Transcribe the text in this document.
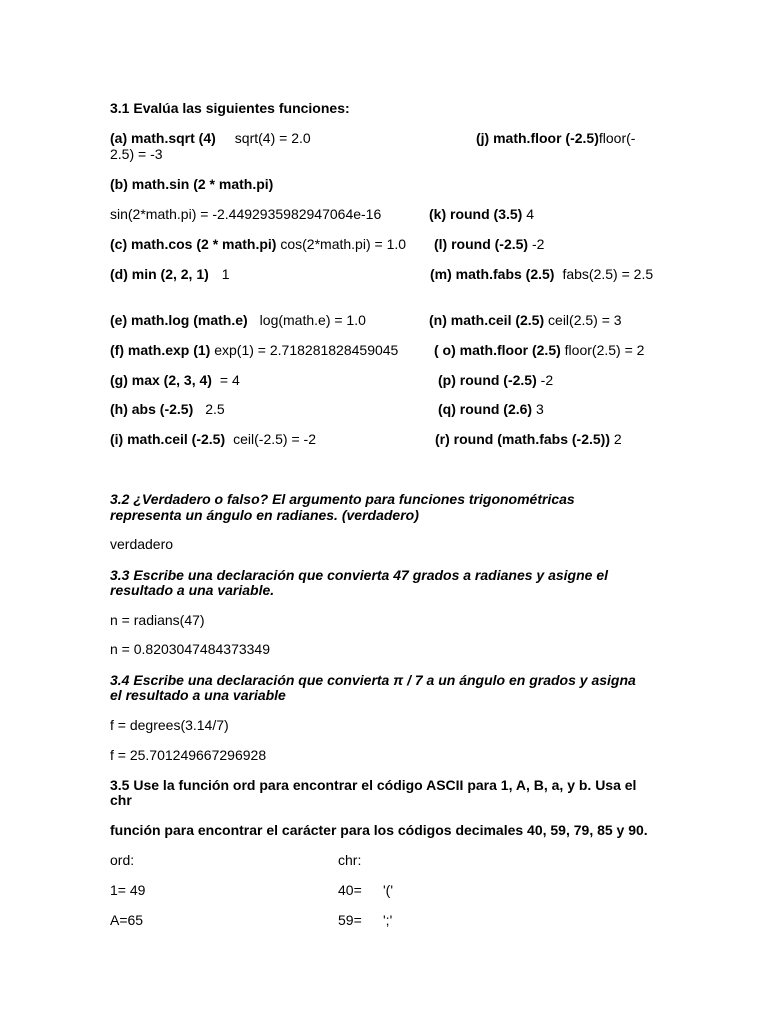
3.1 Evalúa las siguientes funciones:
(a) math.sqrt (4) sqrt(4) = 2.0	(j) math.floor (-2.5)floor(-
2.5) = -3
(b) math.sin (2 * math.pi)
sin(2*math.pi) = -2.4492935982947064e-16	(k) round (3.5) 4
(c) math.cos (2 * math.pi) cos(2*math.pi) = 1.0 (l) round (-2.5) -2
(d) min (2, 2, 1) 1	(m) math.fabs (2.5) fabs(2.5) = 2.5
(e) math.log (math.e) log(math.e) = 1.0	(n) math.ceil (2.5) ceil(2.5) = 3
(f) math.exp (1) exp(1) = 2.718281828459045	( o) math.floor (2.5) floor(2.5) = 2
(g) max (2, 3, 4) = 4	(p) round (-2.5) -2
(h) abs (-2.5) 2.5	(q) round (2.6) 3
(i) math.ceil (-2.5) ceil(-2.5) = -2	(r) round (math.fabs (-2.5)) 2
3.2 ¿Verdadero o falso? El argumento para funciones trigonométricas
representa un ángulo en radianes. (verdadero)
verdadero
3.3 Escribe una declaración que convierta 47 grados a radianes y asigne el
resultado a una variable.
n = radians(47)
n = 0.8203047484373349
3.4 Escribe una declaración que convierta π / 7 a un ángulo en grados y asigna
el resultado a una variable
f = degrees(3.14/7)
f = 25.701249667296928
3.5 Use la función ord para encontrar el código ASCII para 1, A, B, a, y b. Usa el
chr
función para encontrar el carácter para los códigos decimales 40, 59, 79, 85 y 90.
ord:	chr:
1= 49	40= '('
A=65	59= ';'
